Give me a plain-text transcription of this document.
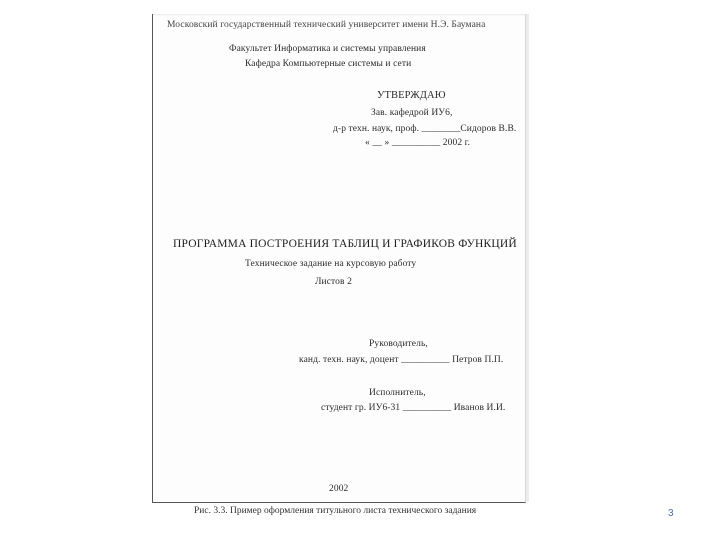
Московский государственный технический университет имени Н.Э. Баумана
Факультет Информатика и системы управления
Кафедра Компьютерные системы и сети
УТВЕРЖДАЮ
Зав. кафедрой ИУ6,
д-р техн. наук, проф. ________Сидоров В.В.
« __ » __________ 2002 г.
ПРОГРАММА ПОСТРОЕНИЯ ТАБЛИЦ И ГРАФИКОВ ФУНКЦИЙ
Техническое задание на курсовую работу
Листов 2
Руководитель,
канд. техн. наук, доцент __________ Петров П.П.
Исполнитель,
студент гр. ИУ6-31 __________ Иванов И.И.
2002
Рис. 3.3. Пример оформления титульного листа технического задания	3
